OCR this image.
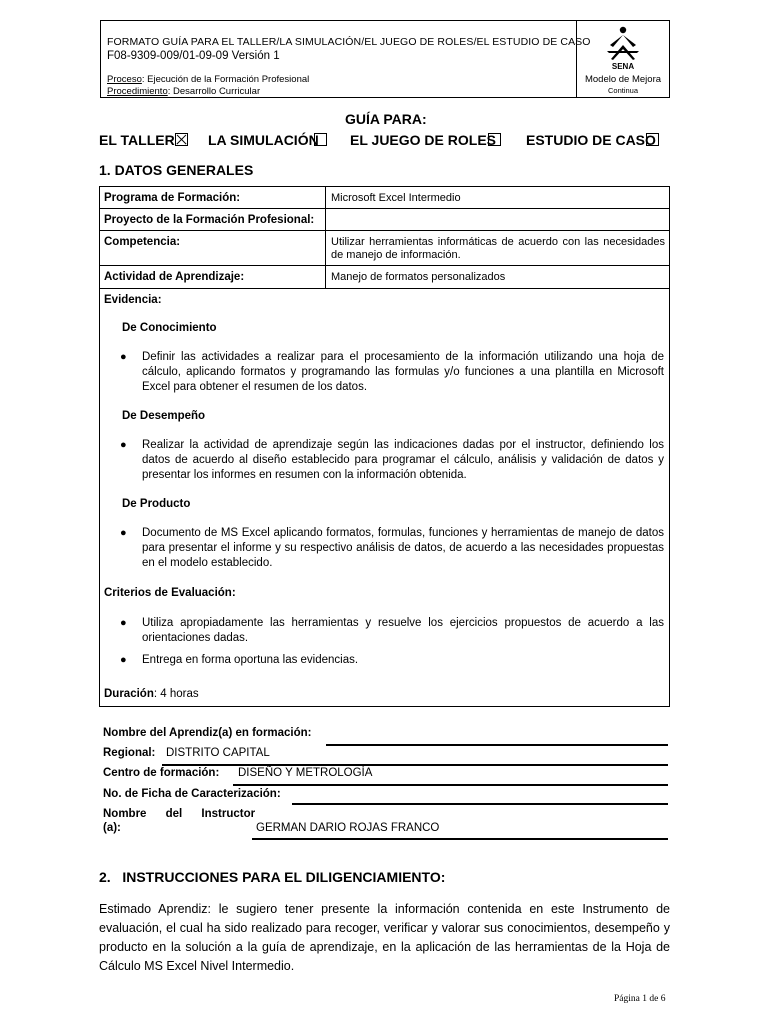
FORMATO GUÍA PARA EL TALLER/LA SIMULACIÓN/EL JUEGO DE ROLES/EL ESTUDIO DE CASO
F08-9309-009/01-09-09 Versión 1
Proceso: Ejecución de la Formación Profesional
Procedimiento: Desarrollo Curricular
SENA
Modelo de Mejora
Continua
GUÍA PARA:
EL TALLER LA SIMULACIÓN EL JUEGO DE ROLES ESTUDIO DE CASO
1. DATOS GENERALES
Programa de Formación:	Microsoft Excel Intermedio
Proyecto de la Formación Profesional:
Competencia:	Utilizar herramientas informáticas de acuerdo con las necesidades de manejo de información.
Actividad de Aprendizaje:	Manejo de formatos personalizados
Evidencia:
De Conocimiento
● Definir las actividades a realizar para el procesamiento de la información utilizando una hoja de cálculo, aplicando formatos y programando las formulas y/o funciones a una plantilla en Microsoft Excel para obtener el resumen de los datos.
De Desempeño
● Realizar la actividad de aprendizaje según las indicaciones dadas por el instructor, definiendo los datos de acuerdo al diseño establecido para programar el cálculo, análisis y validación de datos y presentar los informes en resumen con la información obtenida.
De Producto
● Documento de MS Excel aplicando formatos, formulas, funciones y herramientas de manejo de datos para presentar el informe y su respectivo análisis de datos, de acuerdo a las necesidades propuestas en el modelo establecido.
Criterios de Evaluación:
● Utiliza apropiadamente las herramientas y resuelve los ejercicios propuestos de acuerdo a las orientaciones dadas.
● Entrega en forma oportuna las evidencias.
Duración: 4 horas
Nombre del Aprendiz(a) en formación:
Regional: DISTRITO CAPITAL
Centro de formación: DISEÑO Y METROLOGÍA
No. de Ficha de Caracterización:
Nombre      del      Instructor
(a):	GERMAN DARIO ROJAS FRANCO
2.   INSTRUCCIONES PARA EL DILIGENCIAMIENTO:
Estimado Aprendiz: le sugiero tener presente la información contenida en este Instrumento de evaluación, el cual ha sido realizado para recoger, verificar y valorar sus conocimientos, desempeño y producto en la solución a la guía de aprendizaje, en la aplicación de las herramientas de la Hoja de Cálculo MS Excel Nivel Intermedio.
Página 1 de 6
